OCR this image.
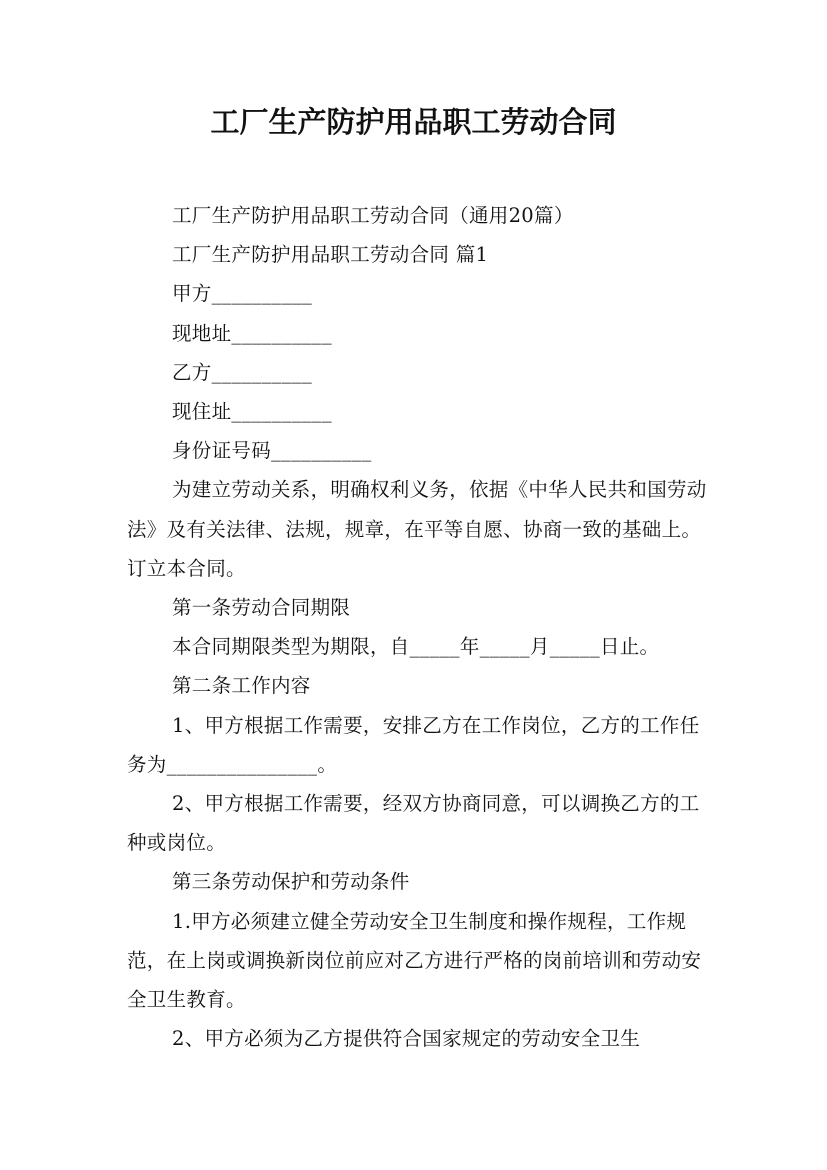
工厂生产防护用品职工劳动合同

工厂生产防护用品职工劳动合同（通用20篇）

工厂生产防护用品职工劳动合同 篇1

甲方__________

现地址__________

乙方__________

现住址__________

身份证号码__________

为建立劳动关系，明确权利义务，依据《中华人民共和国劳动法》及有关法律、法规，规章，在平等自愿、协商一致的基础上。订立本合同。

第一条劳动合同期限

本合同期限类型为期限，自_____年_____月_____日止。

第二条工作内容

1、甲方根据工作需要，安排乙方在工作岗位，乙方的工作任务为_______________。

2、甲方根据工作需要，经双方协商同意，可以调换乙方的工种或岗位。

第三条劳动保护和劳动条件

1.甲方必须建立健全劳动安全卫生制度和操作规程，工作规范，在上岗或调换新岗位前应对乙方进行严格的岗前培训和劳动安全卫生教育。

2、甲方必须为乙方提供符合国家规定的劳动安全卫生
